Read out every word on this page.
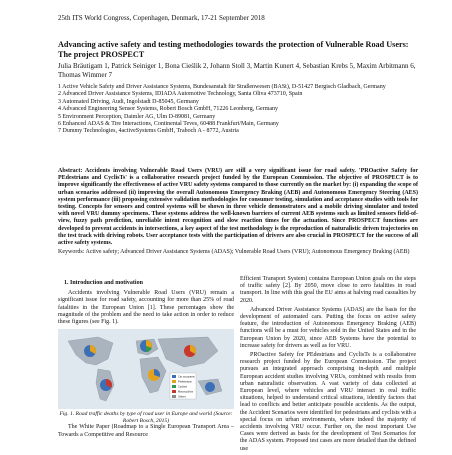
25th ITS World Congress, Copenhagen, Denmark, 17-21 September 2018
Advancing active safety and testing methodologies towards the protection of Vulnerable Road Users: The project PROSPECT
Julia Bräutigam 1, Patrick Seiniger 1, Bona Cieślik 2, Johann Stoll 3, Martin Kunert 4, Sebastian Krebs 5, Maxim Arbitmann 6, Thomas Wimmer 7
1 Active Vehicle Safety and Driver Assistance Systems, Bundesanstalt für Straßenwesen (BASt), D-51427 Bergisch Gladbach, Germany
2 Advanced Driver Assistance Systems, IDIADA Automotive Technology, Santa Oliva 473710, Spain
3 Automated Driving, Audi, Ingolstadt D-85045, Germany
4 Advanced Engineering Sensor Systems, Robert Bosch GmbH, 71226 Leonberg, Germany
5 Environment Perception, Daimler AG, Ulm D-89081, Germany
6 Enhanced ADAS & Tire Interactions, Continental Teves, 60488 Frankfurt/Main, Germany
7 Dummy Technologies, 4activeSystems GmbH, Traboch A - 8772, Austria
Abstract: Accidents involving Vulnerable Road Users (VRU) are still a very significant issue for road safety. 'PROactive Safety for PEdestrians and CyclisTs' is a collaborative research project funded by the European Commission. The objective of PROSPECT is to improve significantly the effectiveness of active VRU safety systems compared to those currently on the market by: (i) expanding the scope of urban scenarios addressed (ii) improving the overall Autonomous Emergency Braking (AEB) and Autonomous Emergency Steering (AES) system performance (iii) proposing extensive validation methodologies for consumer testing, simulation and acceptance studies with tools for testing. Concepts for sensors and control systems will be shown in three vehicle demonstrators and a mobile driving simulator and tested with novel VRU dummy specimens. These systems address the well-known barriers of current AEB systems such as limited sensors field-of-view, fuzzy path prediction, unreliable intent recognition and slow reaction times for the actuation. Since PROSPECT functions are developed to prevent accidents in intersections, a key aspect of the test methodology is the reproduction of naturalistic driven trajectories on the test track with driving robots. User acceptance tests with the participation of drivers are also crucial in PROSPECT for the success of all active safety systems.
Keywords: Active safety; Advanced Driver Assistance Systems (ADAS); Vulnerable Road Users (VRU); Autonomous Emergency Braking (AEB)
1. Introduction and motivation

Accidents involving Vulnerable Road Users (VRU) remain a significant issue for road safety, accounting for more than 25% of road fatalities in the European Union [1]. These percentages show the magnitude of the problem and the need to take action in order to reduce these figures (see Fig. 1).

Car occupants
Pedestrians
Cyclists
Motorcyclists
Others
Fig. 1. Road traffic deaths by type of road user in Europe and world (Source: Robert Bosch, 2015)

The White Paper (Roadmap to a Single European Transport Area – Towards a Competitive and Resource

Efficient Transport System) contains European Union goals on the steps of traffic safety [2]. By 2050, move close to zero fatalities in road transport. In line with this goal the EU aims at halving road casualties by 2020.

Advanced Driver Assistance Systems (ADAS) are the basis for the development of automated cars. Putting the focus on active safety feature, the introduction of Autonomous Emergency Braking (AEB) functions will be a must for vehicles sold in the United States and in the European Union by 2020, since AEB Systems have the potential to increase safety for drivers as well as for VRU.

PROactive Safety for PEdestrians and CyclisTs is a collaborative research project funded by the European Commission. The project pursues an integrated approach comprising in-depth and multiple European accident studies involving VRUs, combined with results from urban naturalistic observation. A vast variety of data collected at European level, where vehicles and VRU interact in real traffic situations, helped to understand critical situations, identify factors that lead to conflicts and better anticipate possible accidents. As the output, the Accident Scenarios were identified for pedestrians and cyclists with a special focus on urban environments, where indeed the majority of accidents involving VRU occur. Further on, the most important Use Cases were derived as basis for the development of Test Scenarios for the ADAS system. Proposed test cases are more detailed than the defined use
